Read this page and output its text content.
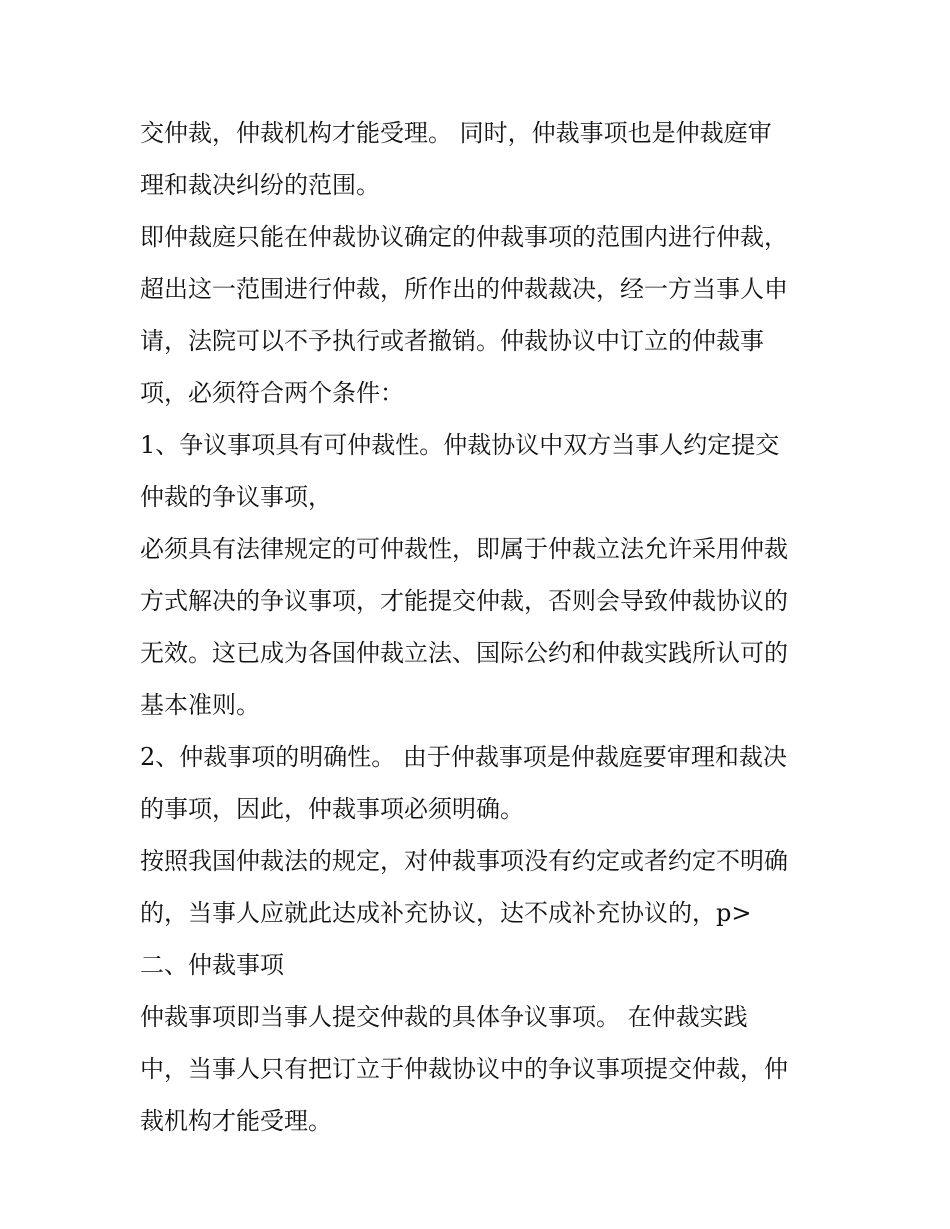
交仲裁，仲裁机构才能受理。 同时，仲裁事项也是仲裁庭审
理和裁决纠纷的范围。
即仲裁庭只能在仲裁协议确定的仲裁事项的范围内进行仲裁，
超出这一范围进行仲裁，所作出的仲裁裁决，经一方当事人申
请，法院可以不予执行或者撤销。仲裁协议中订立的仲裁事
项，必须符合两个条件：
1、争议事项具有可仲裁性。仲裁协议中双方当事人约定提交
仲裁的争议事项，
必须具有法律规定的可仲裁性，即属于仲裁立法允许采用仲裁
方式解决的争议事项，才能提交仲裁，否则会导致仲裁协议的
无效。这已成为各国仲裁立法、国际公约和仲裁实践所认可的
基本准则。
2、仲裁事项的明确性。 由于仲裁事项是仲裁庭要审理和裁决
的事项，因此，仲裁事项必须明确。
按照我国仲裁法的规定，对仲裁事项没有约定或者约定不明确
的，当事人应就此达成补充协议，达不成补充协议的，p>
二、仲裁事项
仲裁事项即当事人提交仲裁的具体争议事项。 在仲裁实践
中，当事人只有把订立于仲裁协议中的争议事项提交仲裁，仲
裁机构才能受理。
